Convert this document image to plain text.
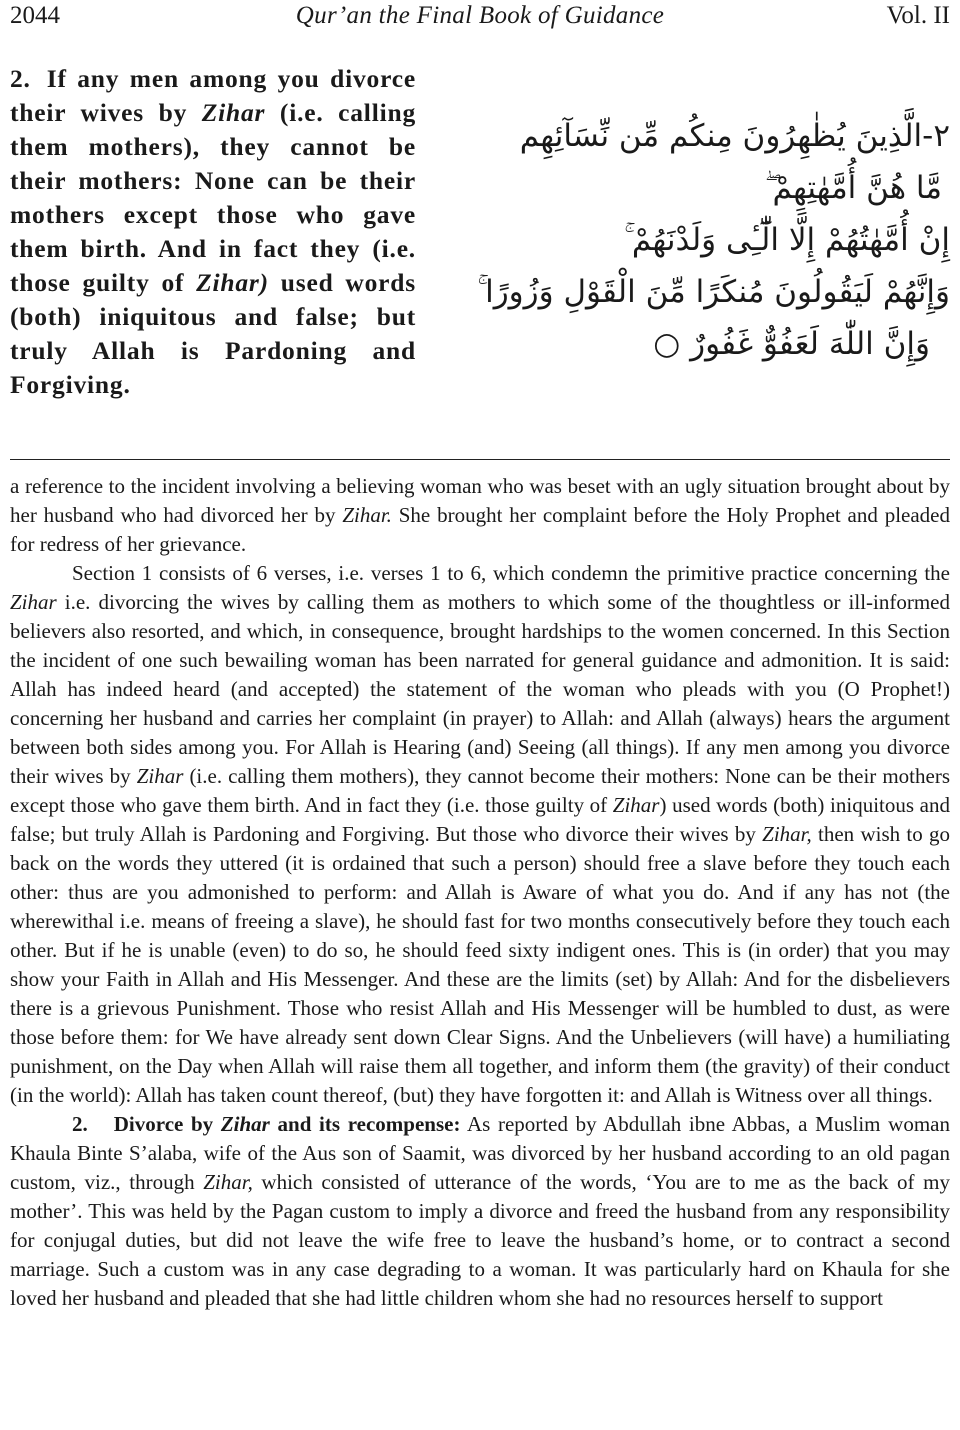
2044	Qur’an the Final Book of Guidance	Vol. II
2. If any men among you divorce their wives by Zihar (i.e. calling them mothers), they cannot be their mothers: None can be their mothers except those who gave them birth. And in fact they (i.e. those guilty of Zihar) used words (both) iniquitous and false; but truly Allah is Pardoning and Forgiving.
٢-الَّذِينَ يُظٰهِرُونَ مِنكُم مِّن نِّسَآئِهِم
مَّا هُنَّ أُمَّهٰتِهِمْ ۖ
إِنْ أُمَّهٰتُهُمْ إِلَّا الّٰٓـِٔى وَلَدْنَهُمْ ۚ
وَإِنَّهُمْ لَيَقُولُونَ مُنكَرًا مِّنَ الْقَوْلِ وَزُورًا ۚ
وَإِنَّ اللّٰهَ لَعَفُوٌّ غَفُورٌ ○

a reference to the incident involving a believing woman who was beset with an ugly situation brought about by her husband who had divorced her by Zihar. She brought her complaint before the Holy Prophet and pleaded for redress of her grievance.

Section 1 consists of 6 verses, i.e. verses 1 to 6, which condemn the primitive practice concerning the Zihar i.e. divorcing the wives by calling them as mothers to which some of the thoughtless or ill-informed believers also resorted, and which, in consequence, brought hardships to the women concerned. In this Section the incident of one such bewailing woman has been narrated for general guidance and admonition. It is said: Allah has indeed heard (and accepted) the statement of the woman who pleads with you (O Prophet!) concerning her husband and carries her complaint (in prayer) to Allah: and Allah (always) hears the argument between both sides among you. For Allah is Hearing (and) Seeing (all things). If any men among you divorce their wives by Zihar (i.e. calling them mothers), they cannot become their mothers: None can be their mothers except those who gave them birth. And in fact they (i.e. those guilty of Zihar) used words (both) iniquitous and false; but truly Allah is Pardoning and Forgiving. But those who divorce their wives by Zihar, then wish to go back on the words they uttered (it is ordained that such a person) should free a slave before they touch each other: thus are you admonished to perform: and Allah is Aware of what you do. And if any has not (the wherewithal i.e. means of freeing a slave), he should fast for two months consecutively before they touch each other. But if he is unable (even) to do so, he should feed sixty indigent ones. This is (in order) that you may show your Faith in Allah and His Messenger. And these are the limits (set) by Allah: And for the disbelievers there is a grievous Punishment. Those who resist Allah and His Messenger will be humbled to dust, as were those before them: for We have already sent down Clear Signs. And the Unbelievers (will have) a humiliating punishment, on the Day when Allah will raise them all together, and inform them (the gravity) of their conduct (in the world): Allah has taken count thereof, (but) they have forgotten it: and Allah is Witness over all things.

2. Divorce by Zihar and its recompense: As reported by Abdullah ibne Abbas, a Muslim woman Khaula Binte S’alaba, wife of the Aus son of Saamit, was divorced by her husband according to an old pagan custom, viz., through Zihar, which consisted of utterance of the words, ‘You are to me as the back of my mother’. This was held by the Pagan custom to imply a divorce and freed the husband from any responsibility for conjugal duties, but did not leave the wife free to leave the husband’s home, or to contract a second marriage. Such a custom was in any case degrading to a woman. It was particularly hard on Khaula for she loved her husband and pleaded that she had little children whom she had no resources herself to support
